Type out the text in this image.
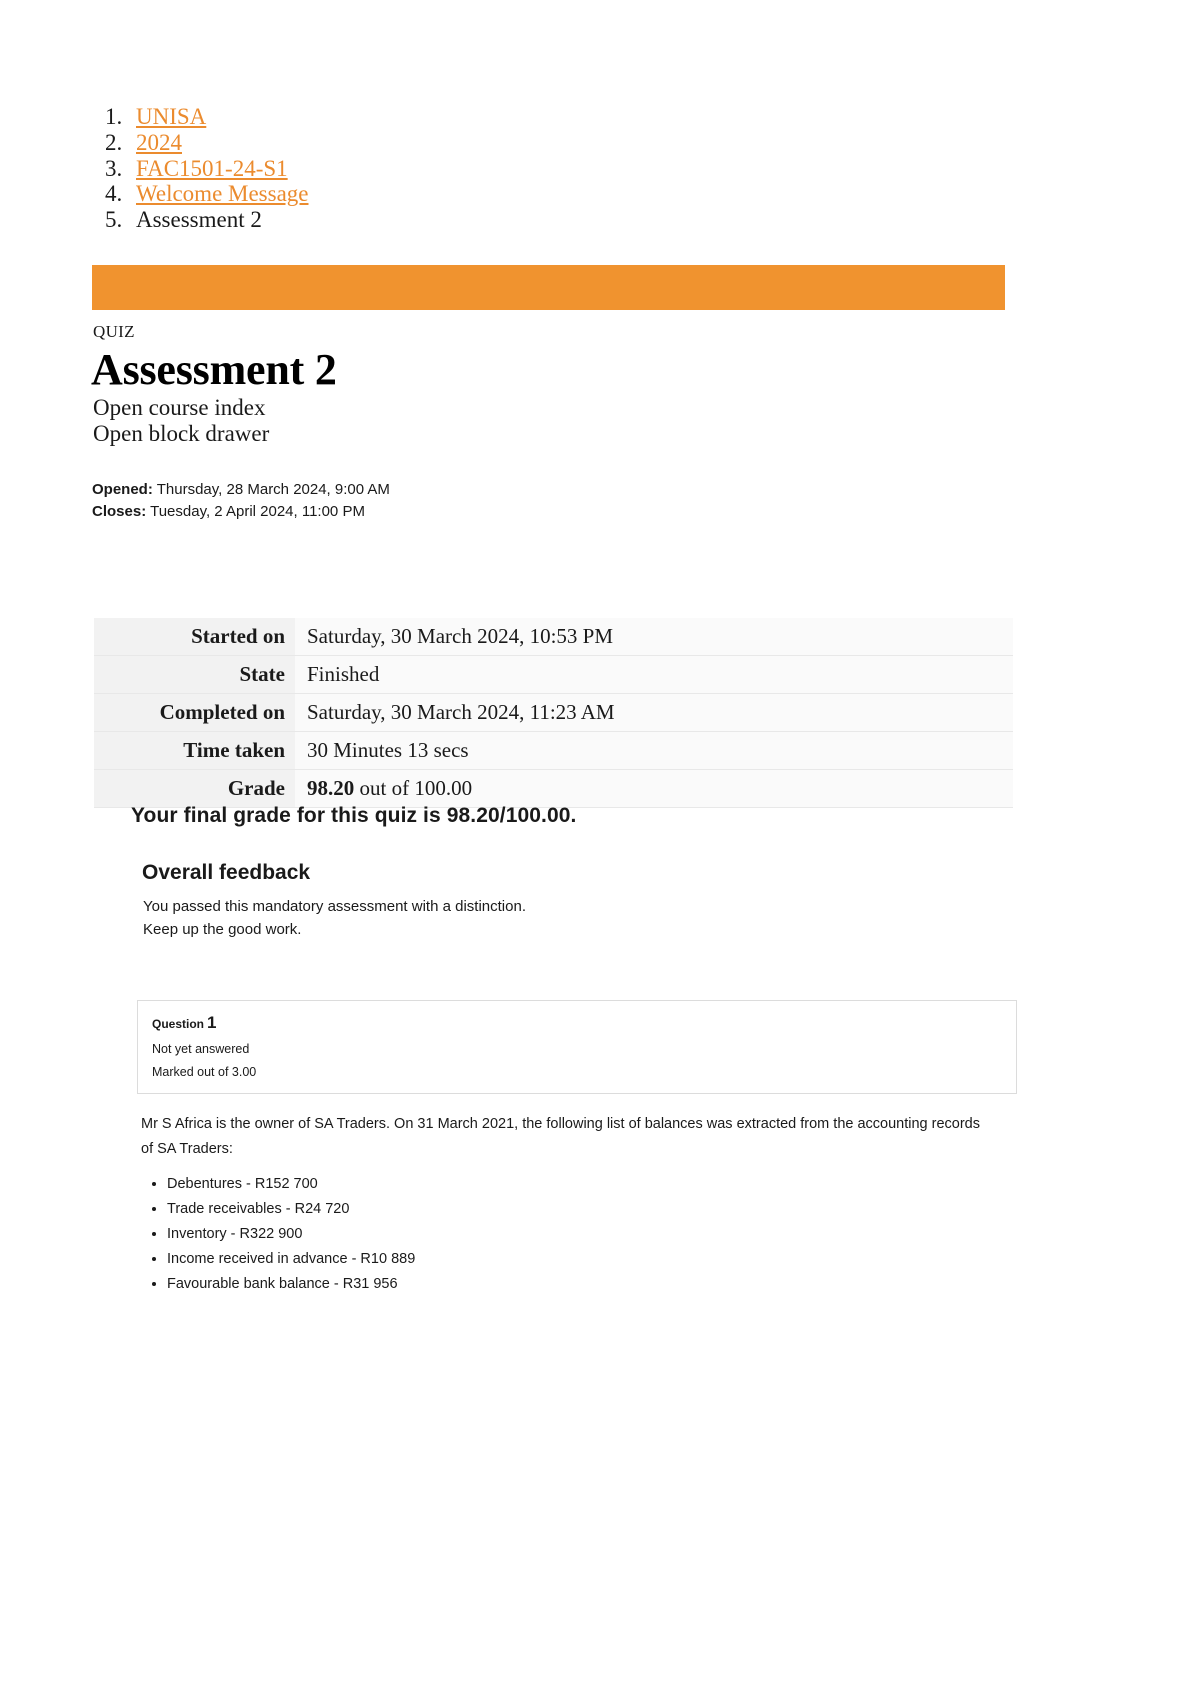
1. UNISA
2. 2024
3. FAC1501-24-S1
4. Welcome Message
5. Assessment 2
QUIZ
Assessment 2
Open course index
Open block drawer
Opened: Thursday, 28 March 2024, 9:00 AM
Closes: Tuesday, 2 April 2024, 11:00 PM
Started on	Saturday, 30 March 2024, 10:53 PM
State	Finished
Completed on	Saturday, 30 March 2024, 11:23 AM
Time taken	30 Minutes 13 secs
Grade	98.20 out of 100.00

Your final grade for this quiz is 98.20/100.00.

Overall feedback
You passed this mandatory assessment with a distinction.
Keep up the good work.

Question 1

Not yet answered

Marked out of 3.00

Mr S Africa is the owner of SA Traders. On 31 March 2021, the following list of balances was extracted from the accounting records of SA Traders:

• Debentures - R152 700
• Trade receivables - R24 720
• Inventory - R322 900
• Income received in advance - R10 889
• Favourable bank balance - R31 956
